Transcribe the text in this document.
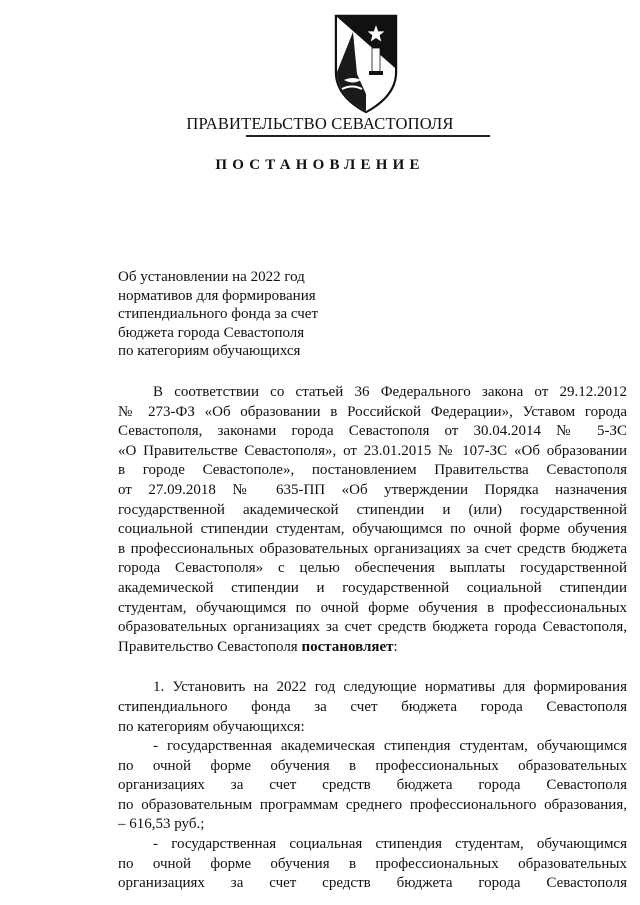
ПРАВИТЕЛЬСТВО СЕВАСТОПОЛЯ
ПОСТАНОВЛЕНИЕ
Об установлении на 2022 год
нормативов для формирования
стипендиального фонда за счет
бюджета города Севастополя
по категориям обучающихся
В соответствии со статьей 36 Федерального закона от 29.12.2012
№ 273-ФЗ «Об образовании в Российской Федерации», Уставом города
Севастополя, законами города Севастополя от 30.04.2014 № 5-ЗС
«О Правительстве Севастополя», от 23.01.2015 № 107-ЗС «Об образовании
в городе Севастополе», постановлением Правительства Севастополя
от 27.09.2018 № 635-ПП «Об утверждении Порядка назначения
государственной академической стипендии и (или) государственной
социальной стипендии студентам, обучающимся по очной форме обучения
в профессиональных образовательных организациях за счет средств бюджета
города Севастополя» с целью обеспечения выплаты государственной
академической стипендии и государственной социальной стипендии
студентам, обучающимся по очной форме обучения в профессиональных
образовательных организациях за счет средств бюджета города Севастополя,
Правительство Севастополя постановляет:
1. Установить на 2022 год следующие нормативы для формирования
стипендиального фонда за счет бюджета города Севастополя
по категориям обучающихся:
- государственная академическая стипендия студентам, обучающимся
по очной форме обучения в профессиональных образовательных
организациях за счет средств бюджета города Севастополя
по образовательным программам среднего профессионального образования,
– 616,53 руб.;
- государственная социальная стипендия студентам, обучающимся
по очной форме обучения в профессиональных образовательных
организациях за счет средств бюджета города Севастополя
